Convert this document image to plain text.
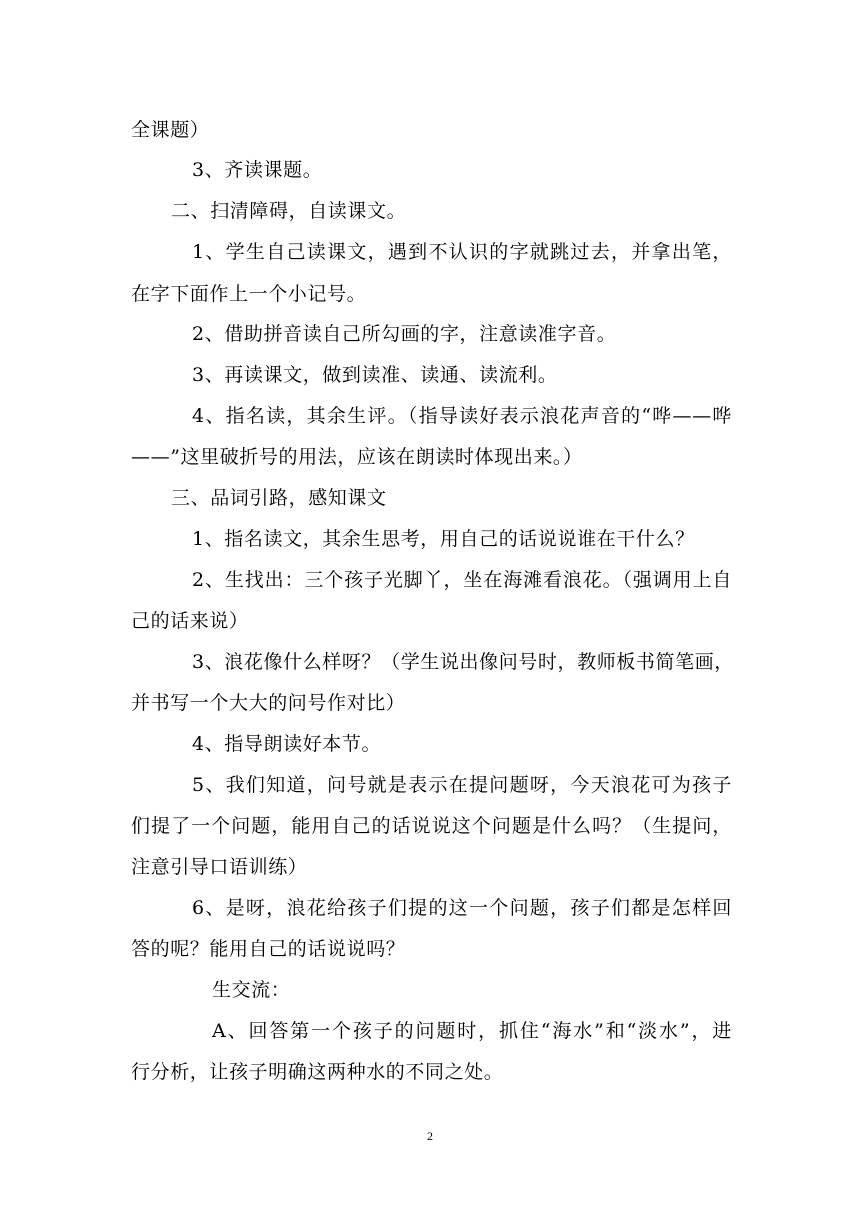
全课题）
3、齐读课题。
二、扫清障碍，自读课文。
1、学生自己读课文，遇到不认识的字就跳过去，并拿出笔，
在字下面作上一个小记号。
2、借助拼音读自己所勾画的字，注意读准字音。
3、再读课文，做到读准、读通、读流利。
4、指名读，其余生评。（指导读好表示浪花声音的“哗——哗
——”这里破折号的用法，应该在朗读时体现出来。）
三、品词引路，感知课文
1、指名读文，其余生思考，用自己的话说说谁在干什么？
2、生找出：三个孩子光脚丫，坐在海滩看浪花。（强调用上自
己的话来说）
3、浪花像什么样呀？（学生说出像问号时，教师板书简笔画，
并书写一个大大的问号作对比）
4、指导朗读好本节。
5、我们知道，问号就是表示在提问题呀，今天浪花可为孩子
们提了一个问题，能用自己的话说说这个问题是什么吗？（生提问，
注意引导口语训练）
6、是呀，浪花给孩子们提的这一个问题，孩子们都是怎样回
答的呢？能用自己的话说说吗？
生交流：
A、回答第一个孩子的问题时，抓住“海水”和“淡水”，进
行分析，让孩子明确这两种水的不同之处。
2
